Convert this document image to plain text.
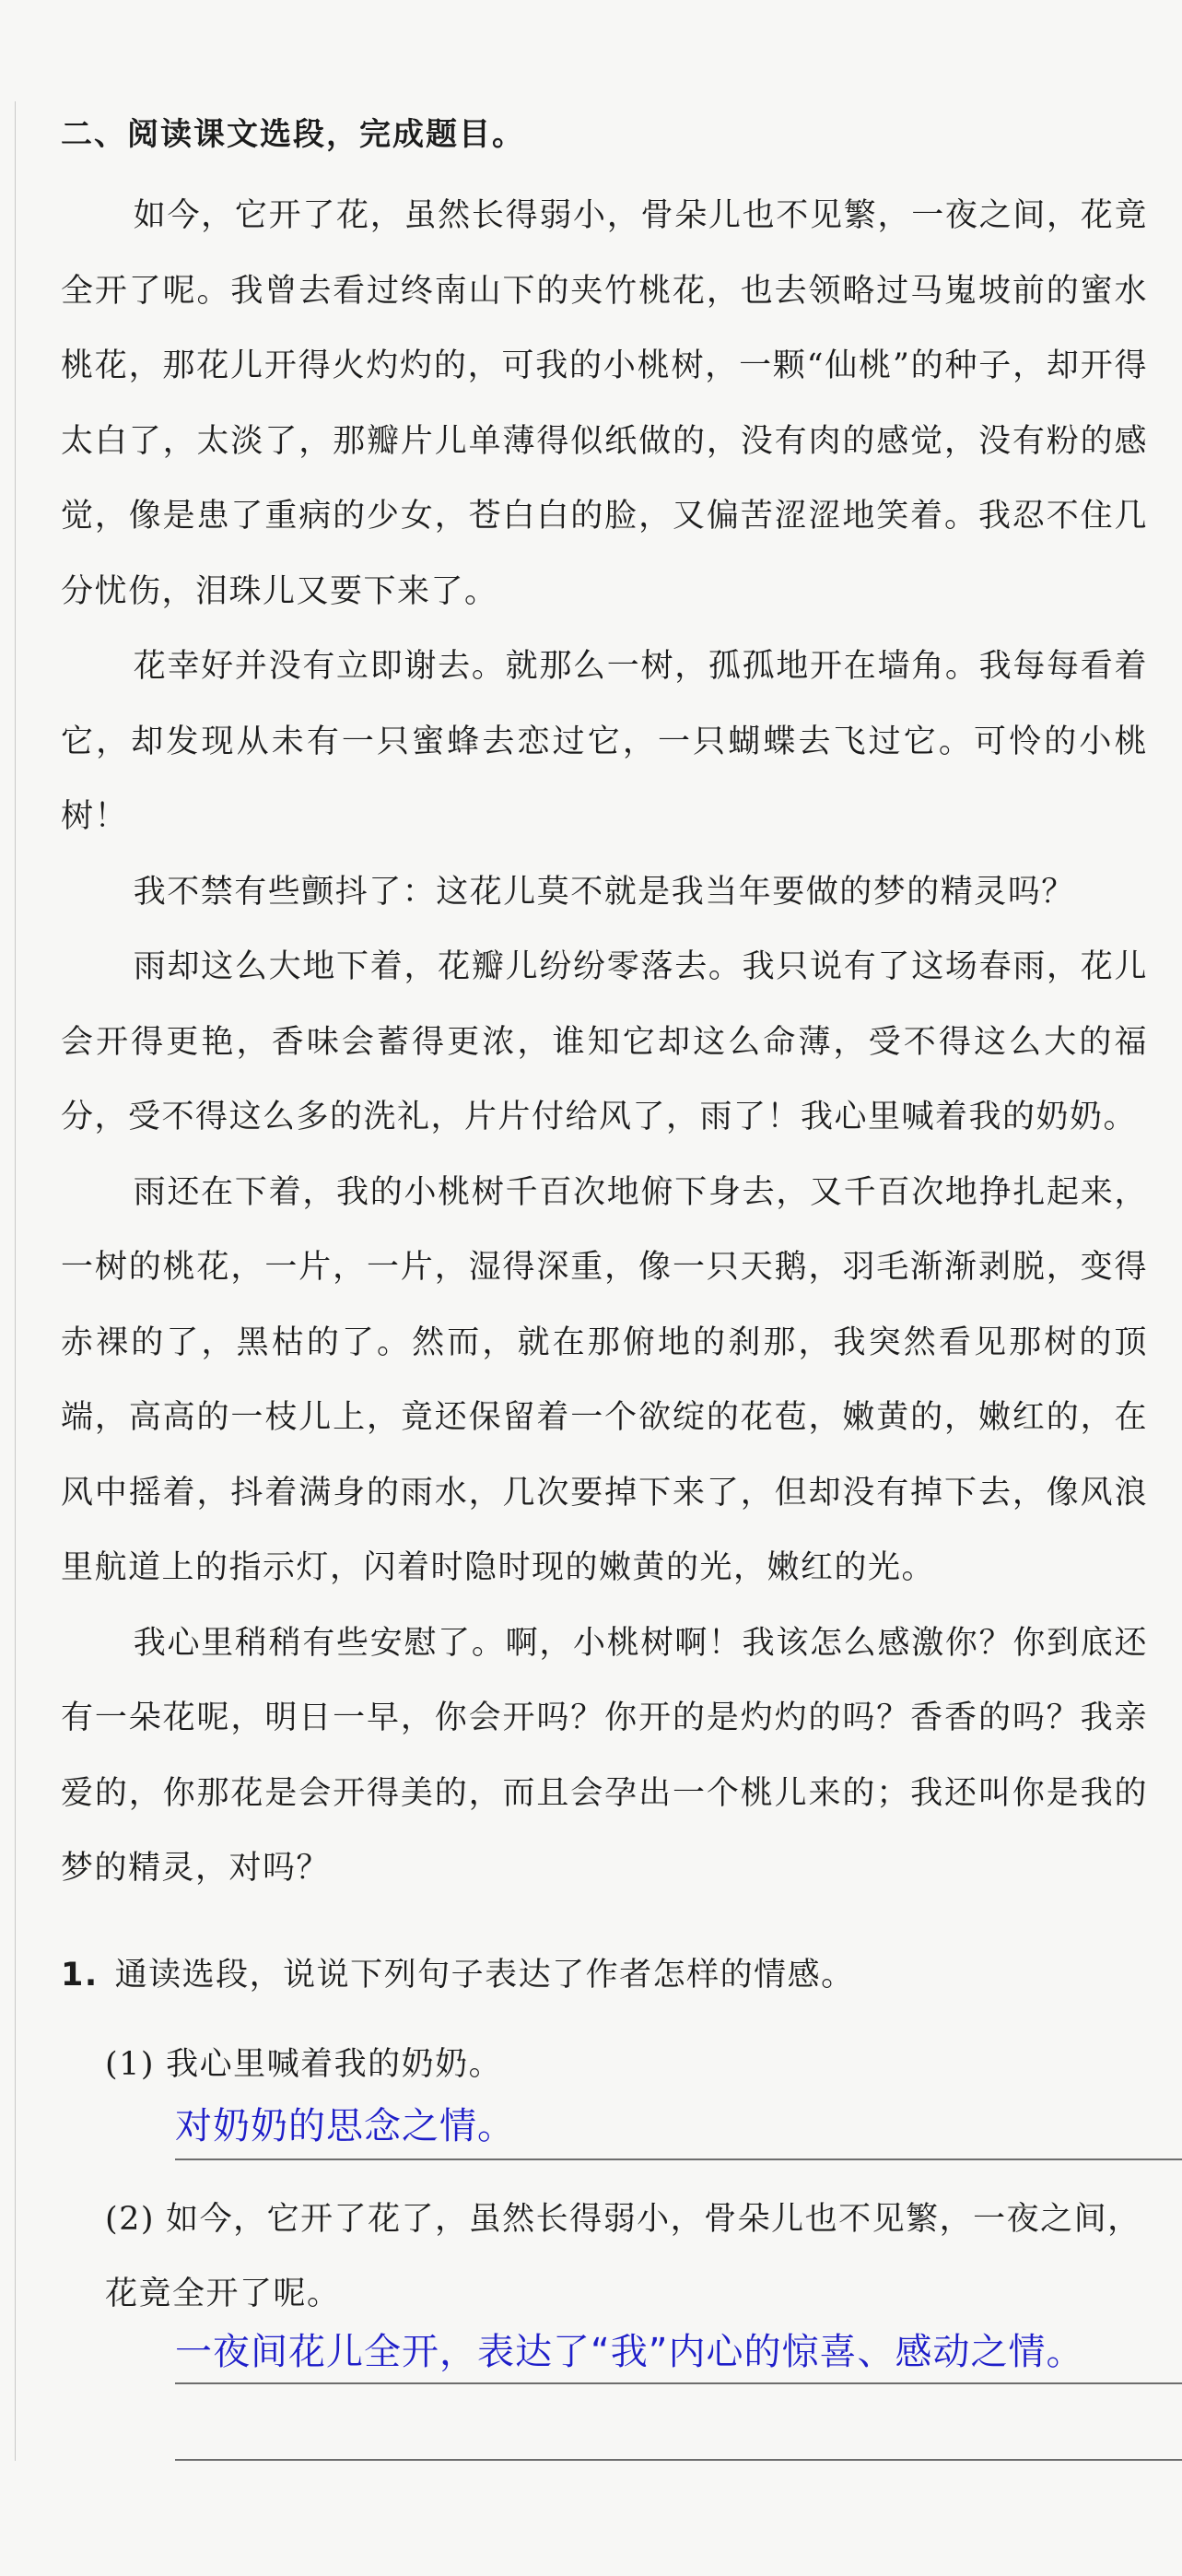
二、阅读课文选段，完成题目。

如今，它开了花，虽然长得弱小，骨朵儿也不见繁，一夜之间，花竟全开了呢。我曾去看过终南山下的夹竹桃花，也去领略过马嵬坡前的蜜水桃花，那花儿开得火灼灼的，可我的小桃树，一颗“仙桃”的种子，却开得太白了，太淡了，那瓣片儿单薄得似纸做的，没有肉的感觉，没有粉的感觉，像是患了重病的少女，苍白白的脸，又偏苦涩涩地笑着。我忍不住几分忧伤，泪珠儿又要下来了。

花幸好并没有立即谢去。就那么一树，孤孤地开在墙角。我每每看着它，却发现从未有一只蜜蜂去恋过它，一只蝴蝶去飞过它。可怜的小桃树！

我不禁有些颤抖了：这花儿莫不就是我当年要做的梦的精灵吗？

雨却这么大地下着，花瓣儿纷纷零落去。我只说有了这场春雨，花儿会开得更艳，香味会蓄得更浓，谁知它却这么命薄，受不得这么大的福分，受不得这么多的洗礼，片片付给风了，雨了！我心里喊着我的奶奶。

雨还在下着，我的小桃树千百次地俯下身去，又千百次地挣扎起来，一树的桃花，一片，一片，湿得深重，像一只天鹅，羽毛渐渐剥脱，变得赤裸的了，黑枯的了。然而，就在那俯地的刹那，我突然看见那树的顶端，高高的一枝儿上，竟还保留着一个欲绽的花苞，嫩黄的，嫩红的，在风中摇着，抖着满身的雨水，几次要掉下来了，但却没有掉下去，像风浪里航道上的指示灯，闪着时隐时现的嫩黄的光，嫩红的光。

我心里稍稍有些安慰了。啊，小桃树啊！我该怎么感激你？你到底还有一朵花呢，明日一早，你会开吗？你开的是灼灼的吗？香香的吗？我亲爱的，你那花是会开得美的，而且会孕出一个桃儿来的；我还叫你是我的梦的精灵，对吗？

1. 通读选段，说说下列句子表达了作者怎样的情感。
(1) 我心里喊着我的奶奶。
对奶奶的思念之情。
(2) 如今，它开了花了，虽然长得弱小，骨朵儿也不见繁，一夜之间，花竟全开了呢。
一夜间花儿全开，表达了“我”内心的惊喜、感动之情。
